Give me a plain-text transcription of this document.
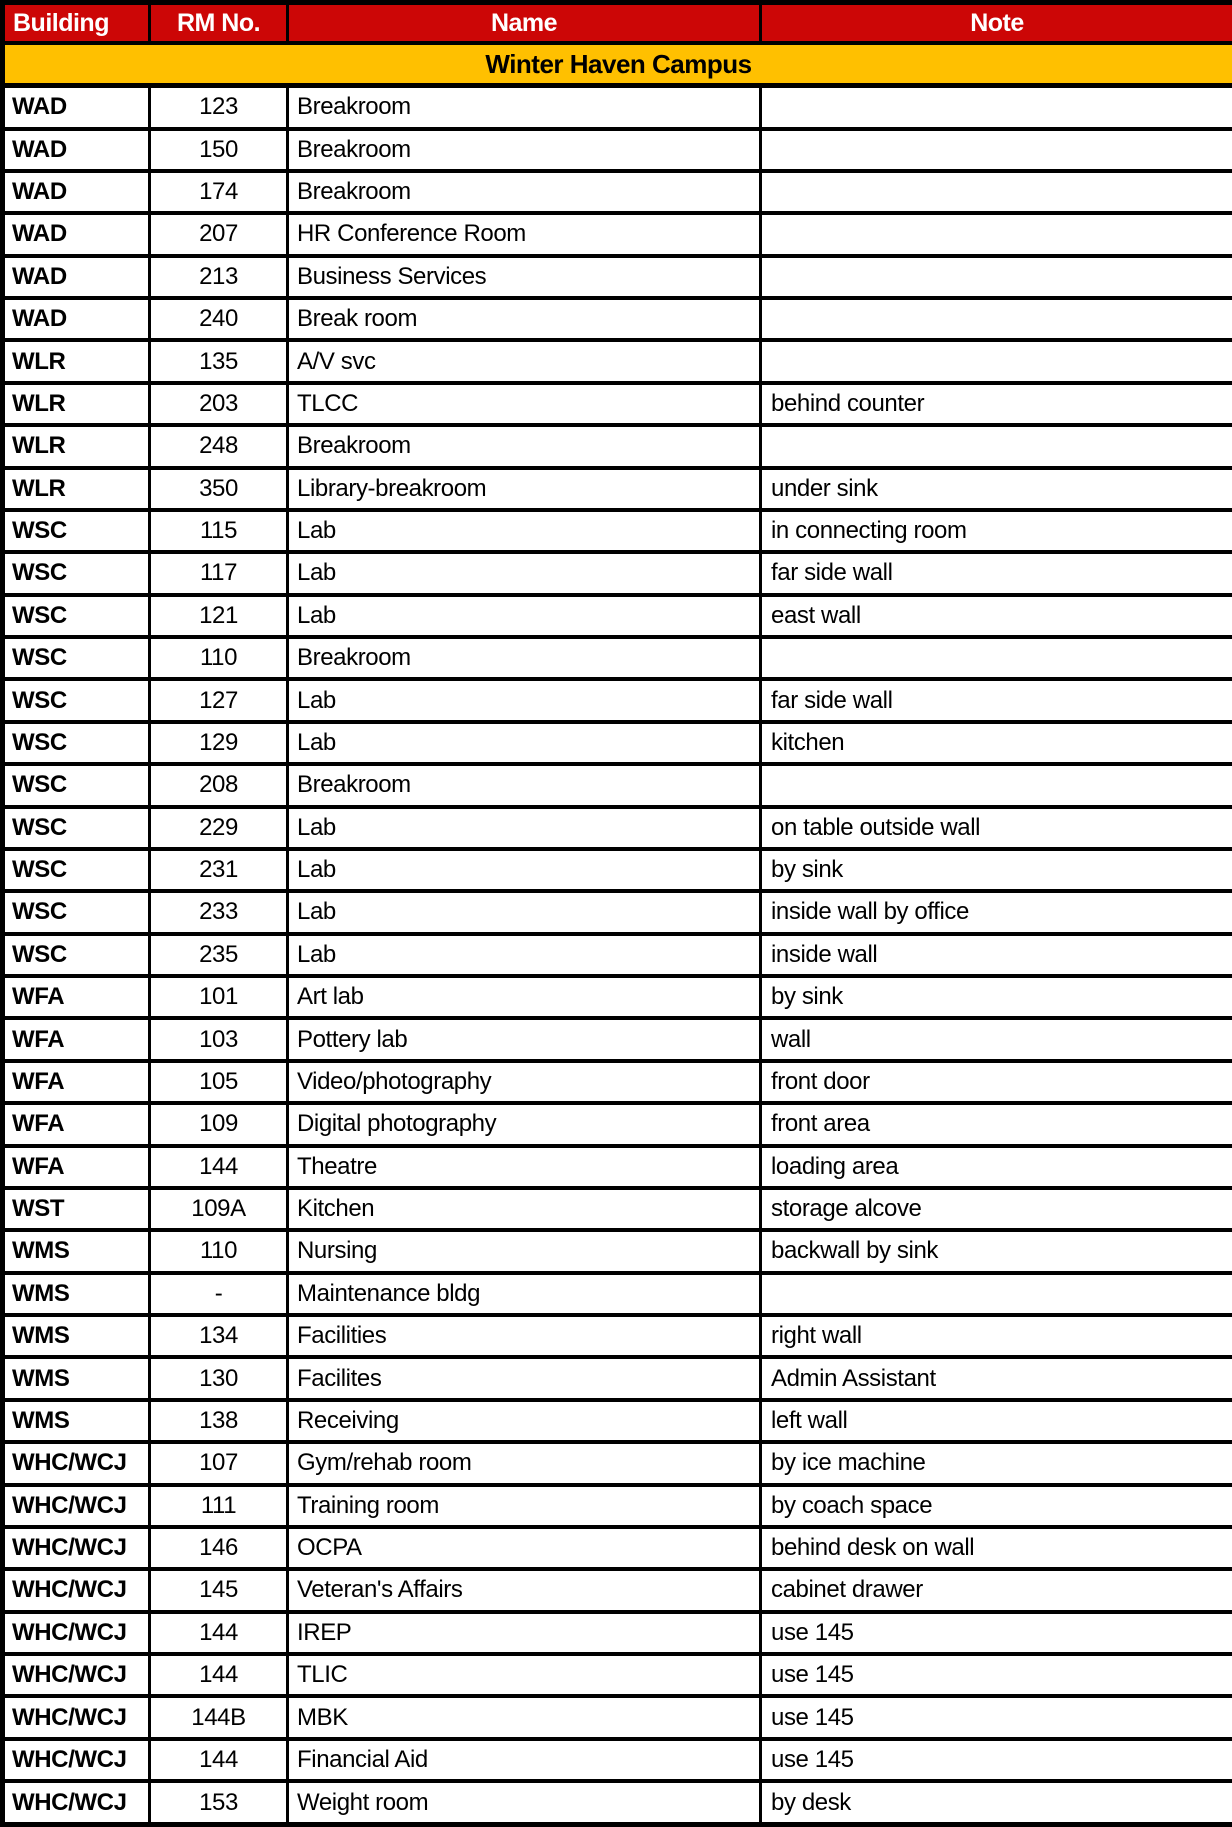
Building	RM No.	Name	Note
Winter Haven Campus			
WAD	123	Breakroom	
WAD	150	Breakroom	
WAD	174	Breakroom	
WAD	207	HR Conference Room	
WAD	213	Business Services	
WAD	240	Break room	
WLR	135	A/V svc	
WLR	203	TLCC	behind counter
WLR	248	Breakroom	
WLR	350	Library-breakroom	under sink
WSC	115	Lab	in connecting room
WSC	117	Lab	far side wall
WSC	121	Lab	east wall
WSC	110	Breakroom	
WSC	127	Lab	far side wall
WSC	129	Lab	kitchen
WSC	208	Breakroom	
WSC	229	Lab	on table outside wall
WSC	231	Lab	by sink
WSC	233	Lab	inside wall by office
WSC	235	Lab	inside wall
WFA	101	Art lab	by sink
WFA	103	Pottery lab	wall
WFA	105	Video/photography	front door
WFA	109	Digital photography	front area
WFA	144	Theatre	loading area
WST	109A	Kitchen	storage alcove
WMS	110	Nursing	backwall by sink
WMS	-	Maintenance bldg	
WMS	134	Facilities	right wall
WMS	130	Facilites	Admin Assistant
WMS	138	Receiving	left wall
WHC/WCJ	107	Gym/rehab room	by ice machine
WHC/WCJ	111	Training room	by coach space
WHC/WCJ	146	OCPA	behind desk on wall
WHC/WCJ	145	Veteran's Affairs	cabinet drawer
WHC/WCJ	144	IREP	use 145
WHC/WCJ	144	TLIC	use 145
WHC/WCJ	144B	MBK	use 145
WHC/WCJ	144	Financial Aid	use 145
WHC/WCJ	153	Weight room	by desk
